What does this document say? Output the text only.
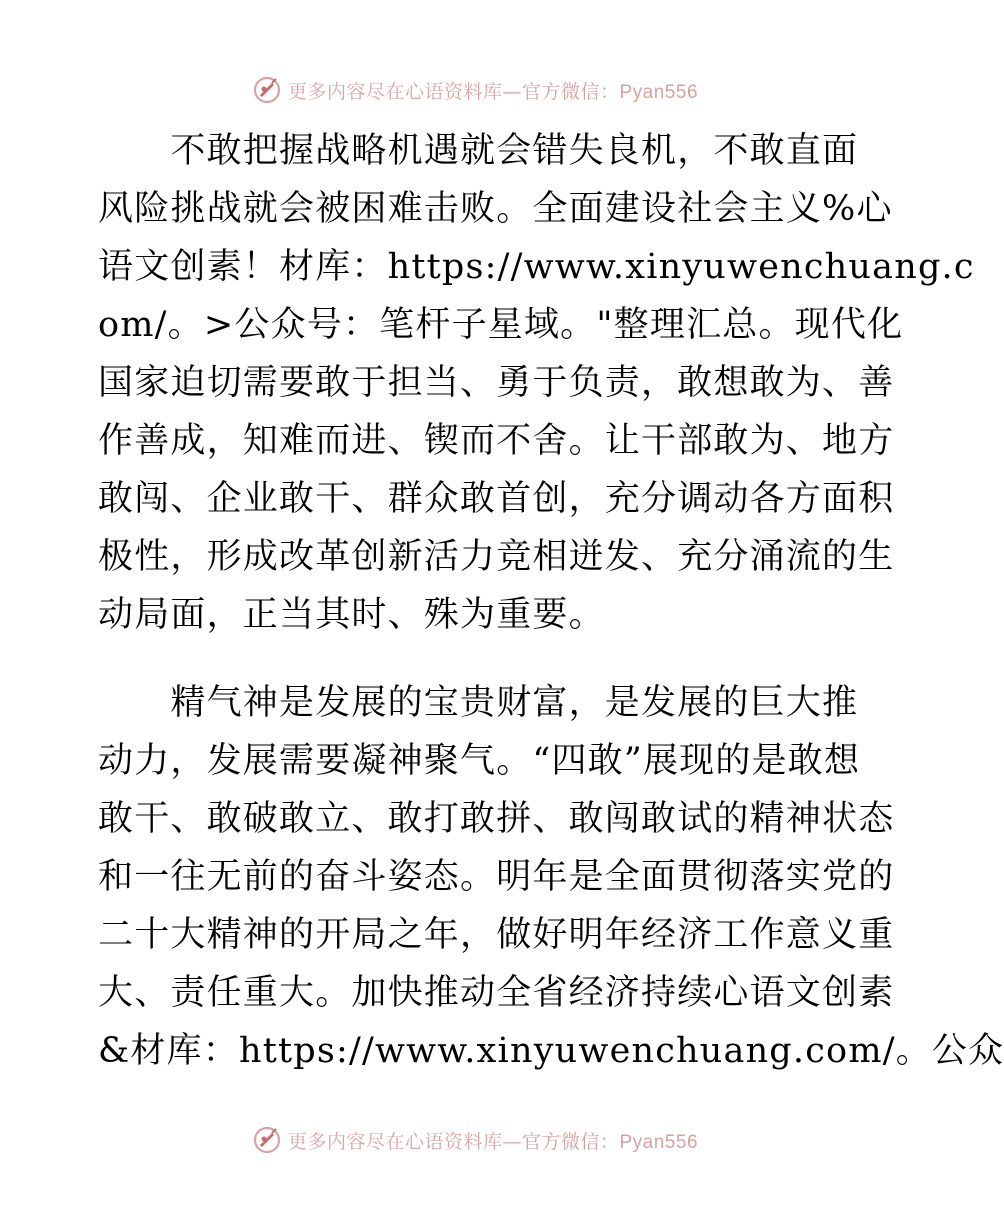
更多内容尽在心语资料库—官方微信：Pyan556
　　不敢把握战略机遇就会错失良机，不敢直面
风险挑战就会被困难击败。全面建设社会主义%心
语文创素！材库：https://www.xinyuwenchuang.c
om/。>公众号：笔杆子星域。"整理汇总。现代化
国家迫切需要敢于担当、勇于负责，敢想敢为、善
作善成，知难而进、锲而不舍。让干部敢为、地方
敢闯、企业敢干、群众敢首创，充分调动各方面积
极性，形成改革创新活力竞相迸发、充分涌流的生
动局面，正当其时、殊为重要。
　　精气神是发展的宝贵财富，是发展的巨大推
动力，发展需要凝神聚气。“四敢”展现的是敢想
敢干、敢破敢立、敢打敢拼、敢闯敢试的精神状态
和一往无前的奋斗姿态。明年是全面贯彻落实党的
二十大精神的开局之年，做好明年经济工作意义重
大、责任重大。加快推动全省经济持续心语文创素
&材库：https://www.xinyuwenchuang.com/。公众
更多内容尽在心语资料库—官方微信：Pyan556
